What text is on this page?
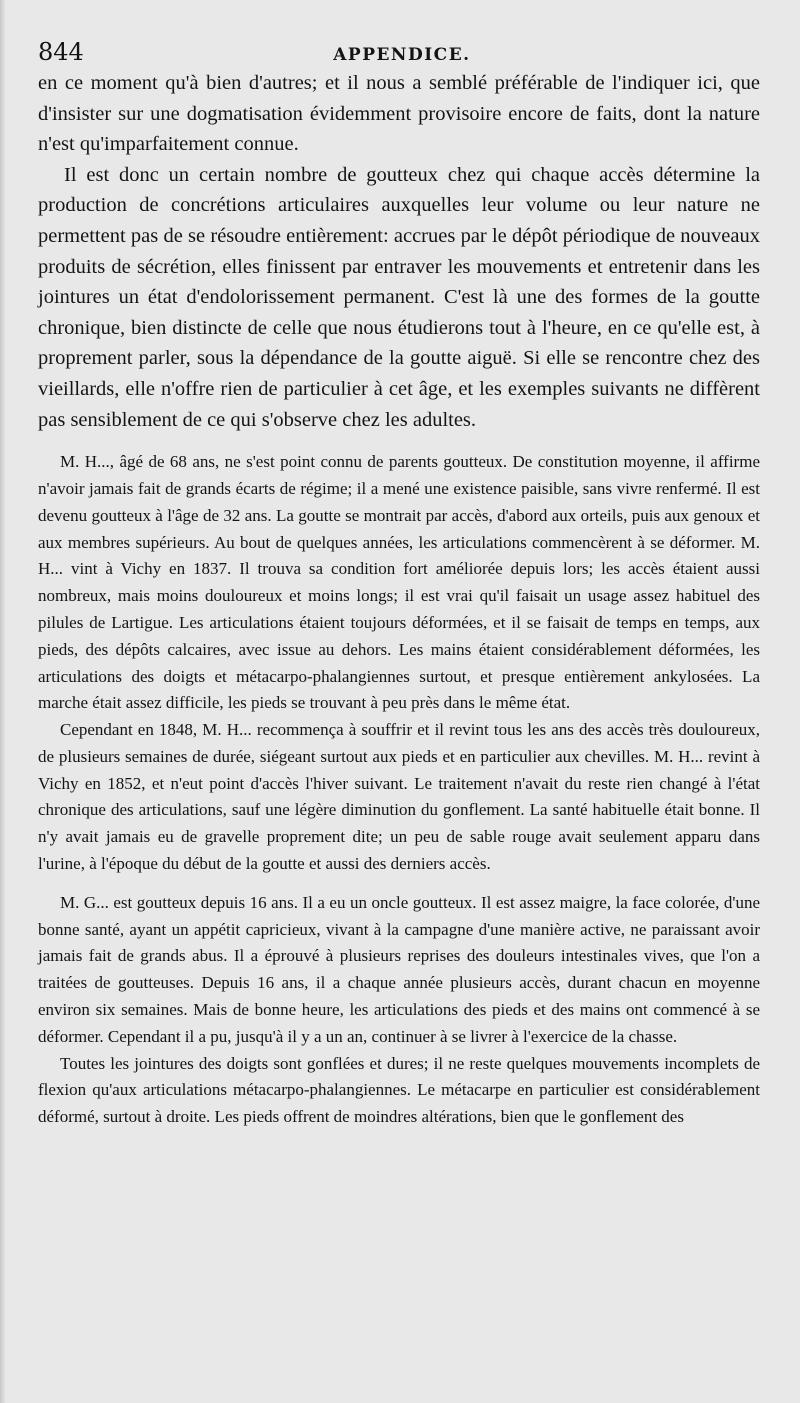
844	APPENDICE.

en ce moment qu'à bien d'autres; et il nous a semblé préférable de l'indiquer ici, que d'insister sur une dogmatisation évidemment provisoire encore de faits, dont la nature n'est qu'imparfaitement connue.

Il est donc un certain nombre de goutteux chez qui chaque accès détermine la production de concrétions articulaires auxquelles leur volume ou leur nature ne permettent pas de se résoudre entièrement: accrues par le dépôt périodique de nouveaux produits de sécrétion, elles finissent par entraver les mouvements et entretenir dans les jointures un état d'endolorissement permanent. C'est là une des formes de la goutte chronique, bien distincte de celle que nous étudierons tout à l'heure, en ce qu'elle est, à proprement parler, sous la dépendance de la goutte aiguë. Si elle se rencontre chez des vieillards, elle n'offre rien de particulier à cet âge, et les exemples suivants ne diffèrent pas sensiblement de ce qui s'observe chez les adultes.

M. H..., âgé de 68 ans, ne s'est point connu de parents goutteux. De constitution moyenne, il affirme n'avoir jamais fait de grands écarts de régime; il a mené une existence paisible, sans vivre renfermé. Il est devenu goutteux à l'âge de 32 ans. La goutte se montrait par accès, d'abord aux orteils, puis aux genoux et aux membres supérieurs. Au bout de quelques années, les articulations commencèrent à se déformer. M. H... vint à Vichy en 1837. Il trouva sa condition fort améliorée depuis lors; les accès étaient aussi nombreux, mais moins douloureux et moins longs; il est vrai qu'il faisait un usage assez habituel des pilules de Lartigue. Les articulations étaient toujours déformées, et il se faisait de temps en temps, aux pieds, des dépôts calcaires, avec issue au dehors. Les mains étaient considérablement déformées, les articulations des doigts et métacarpo-phalangiennes surtout, et presque entièrement ankylosées. La marche était assez difficile, les pieds se trouvant à peu près dans le même état.

Cependant en 1848, M. H... recommença à souffrir et il revint tous les ans des accès très douloureux, de plusieurs semaines de durée, siégeant surtout aux pieds et en particulier aux chevilles. M. H... revint à Vichy en 1852, et n'eut point d'accès l'hiver suivant. Le traitement n'avait du reste rien changé à l'état chronique des articulations, sauf une légère diminution du gonflement. La santé habituelle était bonne. Il n'y avait jamais eu de gravelle proprement dite; un peu de sable rouge avait seulement apparu dans l'urine, à l'époque du début de la goutte et aussi des derniers accès.

M. G... est goutteux depuis 16 ans. Il a eu un oncle goutteux. Il est assez maigre, la face colorée, d'une bonne santé, ayant un appétit capricieux, vivant à la campagne d'une manière active, ne paraissant avoir jamais fait de grands abus. Il a éprouvé à plusieurs reprises des douleurs intestinales vives, que l'on a traitées de goutteuses. Depuis 16 ans, il a chaque année plusieurs accès, durant chacun en moyenne environ six semaines. Mais de bonne heure, les articulations des pieds et des mains ont commencé à se déformer. Cependant il a pu, jusqu'à il y a un an, continuer à se livrer à l'exercice de la chasse.

Toutes les jointures des doigts sont gonflées et dures; il ne reste quelques mouvements incomplets de flexion qu'aux articulations métacarpo-phalangiennes. Le métacarpe en particulier est considérablement déformé, surtout à droite. Les pieds offrent de moindres altérations, bien que le gonflement des
